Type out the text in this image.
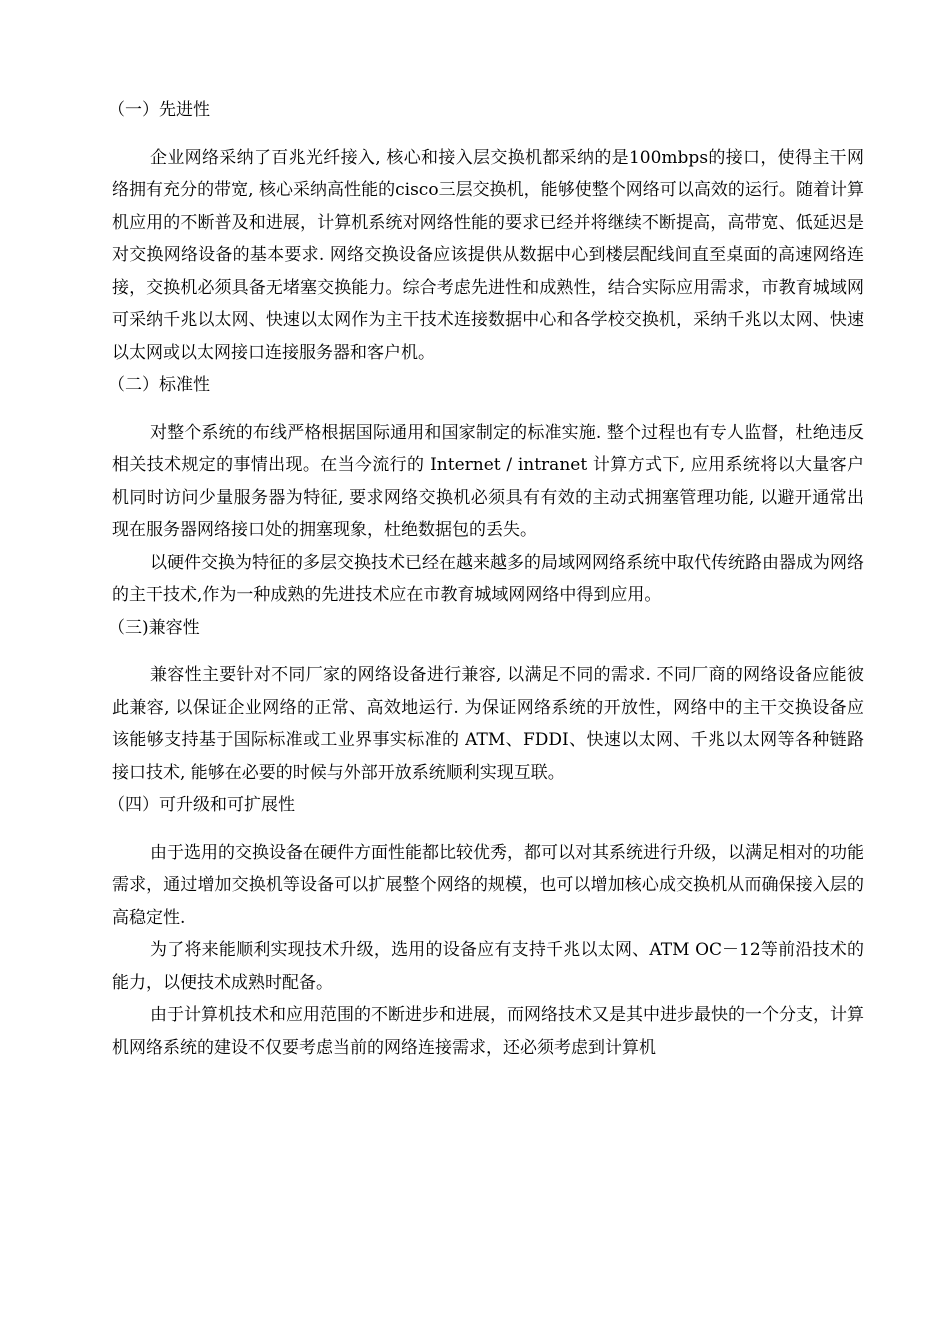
（一）先进性

企业网络采纳了百兆光纤接入, 核心和接入层交换机都采纳的是100mbps的接口，使得主干网络拥有充分的带宽, 核心采纳高性能的cisco三层交换机，能够使整个网络可以高效的运行。随着计算机应用的不断普及和进展，计算机系统对网络性能的要求已经并将继续不断提高，高带宽、低延迟是对交换网络设备的基本要求. 网络交换设备应该提供从数据中心到楼层配线间直至桌面的高速网络连接，交换机必须具备无堵塞交换能力。综合考虑先进性和成熟性，结合实际应用需求，市教育城域网可采纳千兆以太网、快速以太网作为主干技术连接数据中心和各学校交换机，采纳千兆以太网、快速以太网或以太网接口连接服务器和客户机。

（二）标准性

对整个系统的布线严格根据国际通用和国家制定的标准实施. 整个过程也有专人监督，杜绝违反相关技术规定的事情出现。在当今流行的 Internet / intranet 计算方式下, 应用系统将以大量客户机同时访问少量服务器为特征, 要求网络交换机必须具有有效的主动式拥塞管理功能, 以避开通常出现在服务器网络接口处的拥塞现象，杜绝数据包的丢失。

以硬件交换为特征的多层交换技术已经在越来越多的局域网网络系统中取代传统路由器成为网络的主干技术,作为一种成熟的先进技术应在市教育城域网网络中得到应用。

（三)兼容性

兼容性主要针对不同厂家的网络设备进行兼容, 以满足不同的需求. 不同厂商的网络设备应能彼此兼容, 以保证企业网络的正常、高效地运行. 为保证网络系统的开放性，网络中的主干交换设备应该能够支持基于国际标准或工业界事实标准的 ATM、FDDI、快速以太网、千兆以太网等各种链路接口技术, 能够在必要的时候与外部开放系统顺利实现互联。

（四）可升级和可扩展性

由于选用的交换设备在硬件方面性能都比较优秀，都可以对其系统进行升级，以满足相对的功能需求，通过增加交换机等设备可以扩展整个网络的规模，也可以增加核心成交换机从而确保接入层的高稳定性.

为了将来能顺利实现技术升级，选用的设备应有支持千兆以太网、ATM OC－12等前沿技术的能力，以便技术成熟时配备。

由于计算机技术和应用范围的不断进步和进展，而网络技术又是其中进步最快的一个分支，计算机网络系统的建设不仅要考虑当前的网络连接需求，还必须考虑到计算机
